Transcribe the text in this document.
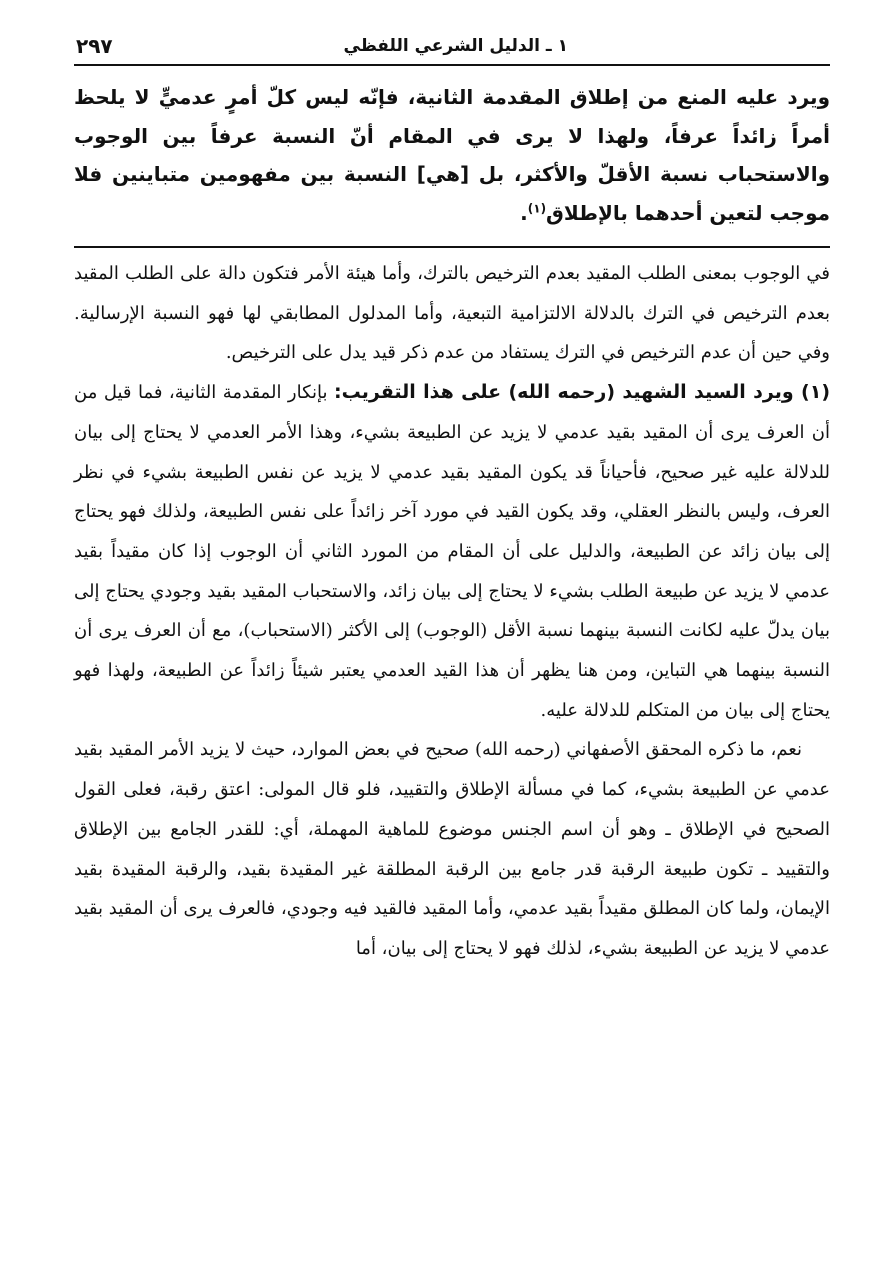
١ ـ الدليل الشرعي اللفظي
٢٩٧
ويرد عليه المنع من إطلاق المقدمة الثانية، فإنّه ليس كلّ أمرٍ عدميٍّ لا يلحظ أمراً زائداً عرفاً، ولهذا لا يرى في المقام أنّ النسبة عرفاً بين الوجوب والاستحباب نسبة الأقلّ والأكثر، بل [هي] النسبة بين مفهومين متباينين فلا موجب لتعين أحدهما بالإطلاق$^{(١)}$.

في الوجوب بمعنى الطلب المقيد بعدم الترخيص بالترك، وأما هيئة الأمر فتكون دالة على الطلب المقيد بعدم الترخيص في الترك بالدلالة الالتزامية التبعية، وأما المدلول المطابقي لها فهو النسبة الإرسالية. وفي حين أن عدم الترخيص في الترك يستفاد من عدم ذكر قيد يدل على الترخيص.

(١) ويرد السيد الشهيد (رحمه الله) على هذا التقريب: بإنكار المقدمة الثانية، فما قيل من أن العرف يرى أن المقيد بقيد عدمي لا يزيد عن الطبيعة بشيء، وهذا الأمر العدمي لا يحتاج إلى بيان للدلالة عليه غير صحيح، فأحياناً قد يكون المقيد بقيد عدمي لا يزيد عن نفس الطبيعة بشيء في نظر العرف، وليس بالنظر العقلي، وقد يكون القيد في مورد آخر زائداً على نفس الطبيعة، ولذلك فهو يحتاج إلى بيان زائد عن الطبيعة، والدليل على أن المقام من المورد الثاني أن الوجوب إذا كان مقيداً بقيد عدمي لا يزيد عن طبيعة الطلب بشيء لا يحتاج إلى بيان زائد، والاستحباب المقيد بقيد وجودي يحتاج إلى بيان يدلّ عليه لكانت النسبة بينهما نسبة الأقل (الوجوب) إلى الأكثر (الاستحباب)، مع أن العرف يرى أن النسبة بينهما هي التباين، ومن هنا يظهر أن هذا القيد العدمي يعتبر شيئاً زائداً عن الطبيعة، ولهذا فهو يحتاج إلى بيان من المتكلم للدلالة عليه.

نعم، ما ذكره المحقق الأصفهاني (رحمه الله) صحيح في بعض الموارد، حيث لا يزيد الأمر المقيد بقيد عدمي عن الطبيعة بشيء، كما في مسألة الإطلاق والتقييد، فلو قال المولى: اعتق رقبة، فعلى القول الصحيح في الإطلاق ـ وهو أن اسم الجنس موضوع للماهية المهملة، أي: للقدر الجامع بين الإطلاق والتقييد ـ تكون طبيعة الرقبة قدر جامع بين الرقبة المطلقة غير المقيدة بقيد، والرقبة المقيدة بقيد الإيمان، ولما كان المطلق مقيداً بقيد عدمي، وأما المقيد فالقيد فيه وجودي، فالعرف يرى أن المقيد بقيد عدمي لا يزيد عن الطبيعة بشيء، لذلك فهو لا يحتاج إلى بيان، أما
